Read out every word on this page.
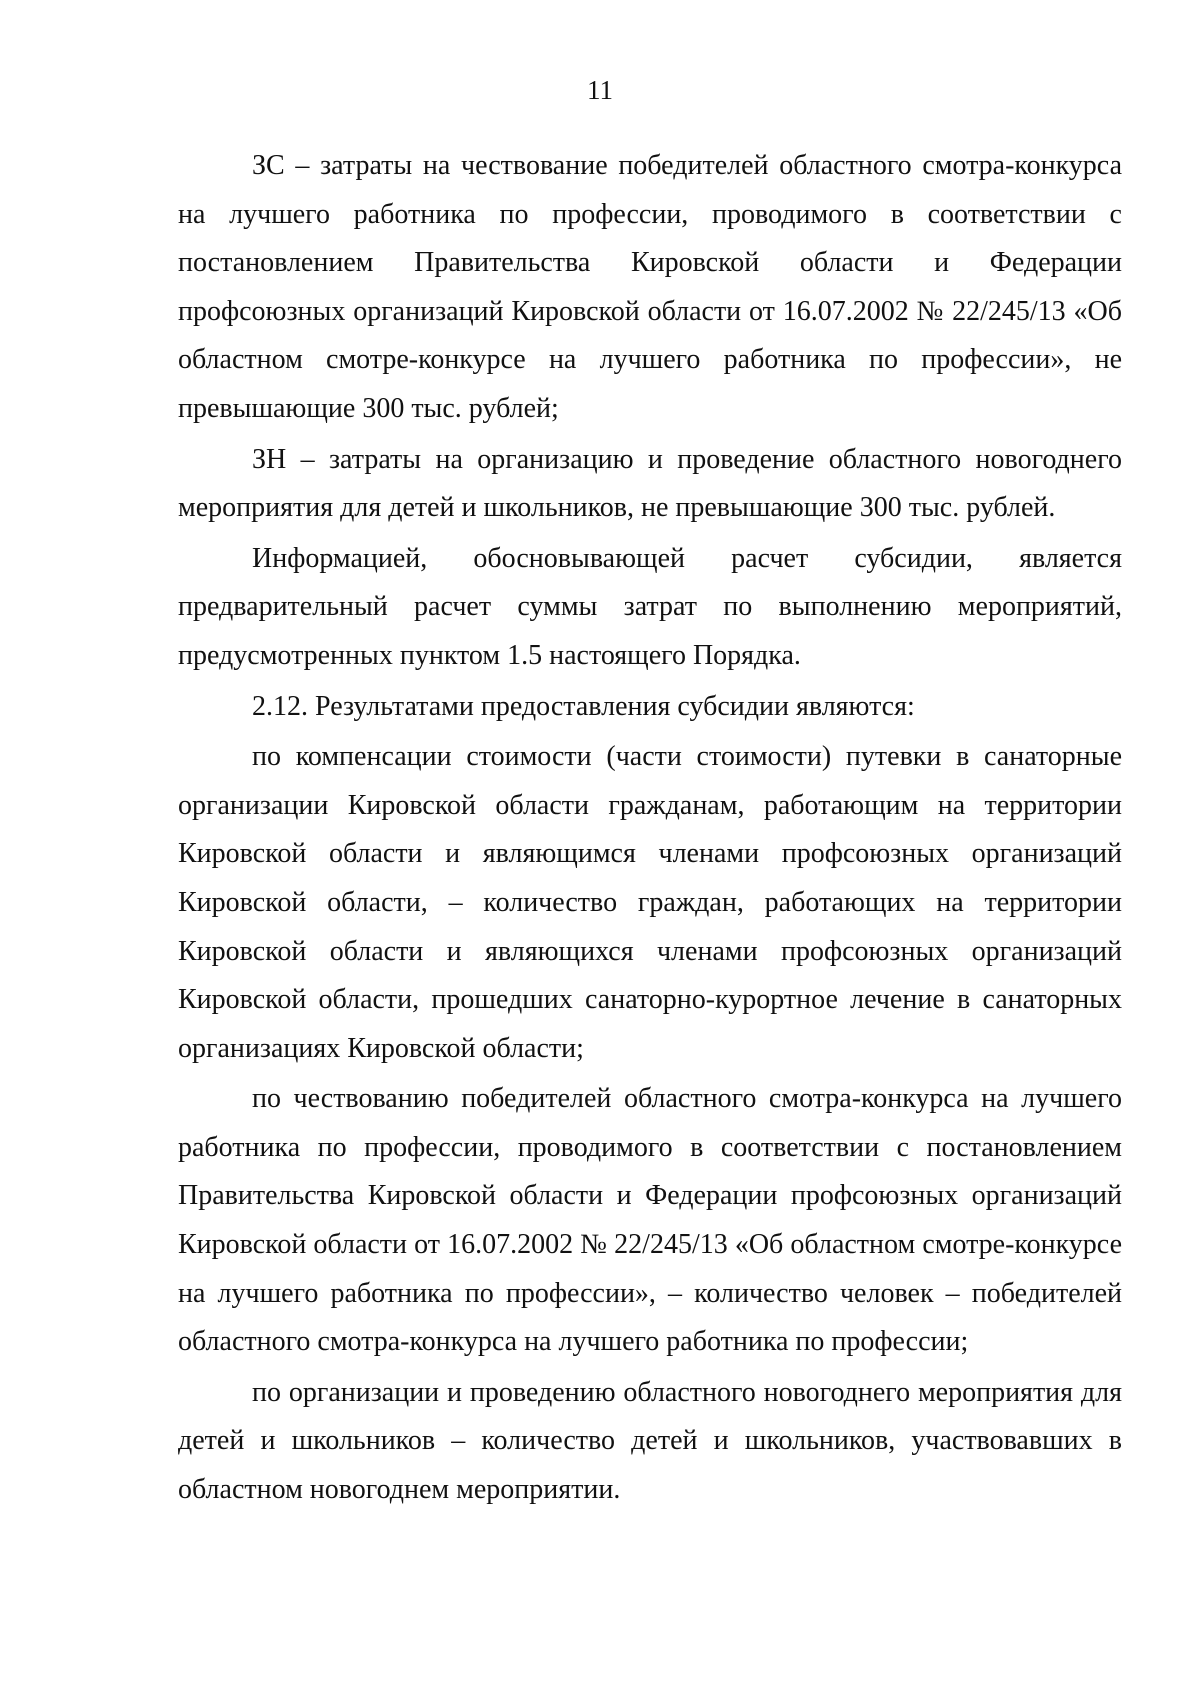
11

ЗС – затраты на чествование победителей областного смотра-конкурса на лучшего работника по профессии, проводимого в соответствии с постановлением Правительства Кировской области и Федерации профсоюзных организаций Кировской области от 16.07.2002 № 22/245/13 «Об областном смотре-конкурсе на лучшего работника по профессии», не превышающие 300 тыс. рублей;

ЗН – затраты на организацию и проведение областного новогоднего мероприятия для детей и школьников, не превышающие 300 тыс. рублей.

Информацией, обосновывающей расчет субсидии, является предварительный расчет суммы затрат по выполнению мероприятий, предусмотренных пунктом 1.5 настоящего Порядка.

2.12. Результатами предоставления субсидии являются:

по компенсации стоимости (части стоимости) путевки в санаторные организации Кировской области гражданам, работающим на территории Кировской области и являющимся членами профсоюзных организаций Кировской области, – количество граждан, работающих на территории Кировской области и являющихся членами профсоюзных организаций Кировской области, прошедших санаторно-курортное лечение в санаторных организациях Кировской области;

по чествованию победителей областного смотра-конкурса на лучшего работника по профессии, проводимого в соответствии с постановлением Правительства Кировской области и Федерации профсоюзных организаций Кировской области от 16.07.2002 № 22/245/13 «Об областном смотре-конкурсе на лучшего работника по профессии», – количество человек – победителей областного смотра-конкурса на лучшего работника по профессии;

по организации и проведению областного новогоднего мероприятия для детей и школьников – количество детей и школьников, участвовавших в областном новогоднем мероприятии.
